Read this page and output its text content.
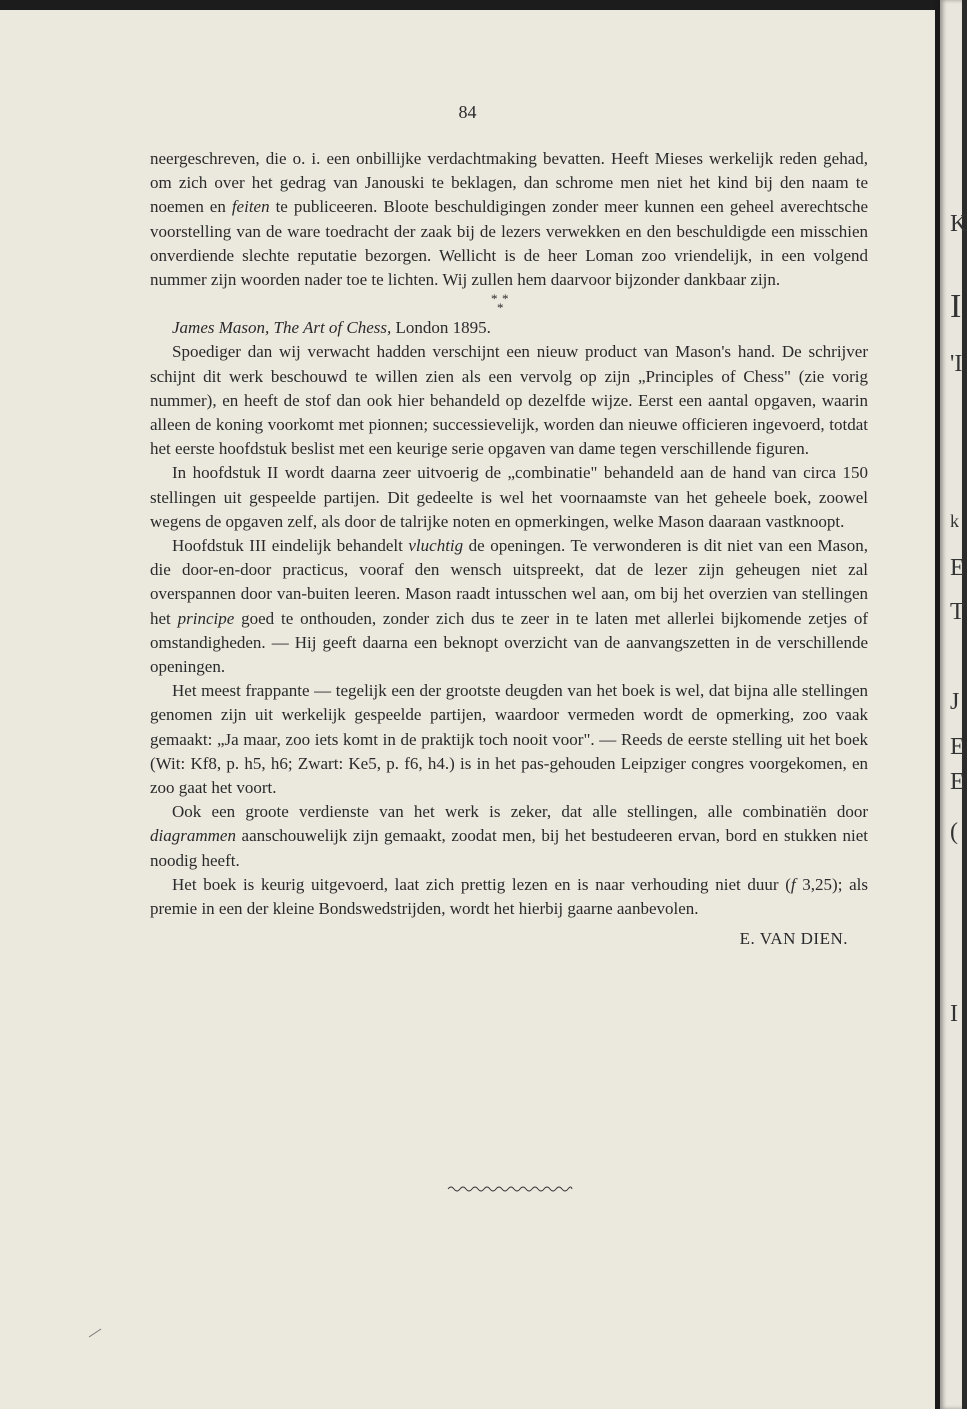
K
I
'I
k
E
T
J
E
E
(
I
84

neergeschreven, die o. i. een onbillijke verdachtmaking bevatten. Heeft Mieses werkelijk reden gehad, om zich over het gedrag van Janouski te beklagen, dan schrome men niet het kind bij den naam te noemen en feiten te publiceeren. Bloote beschuldigingen zonder meer kunnen een geheel averechtsche voorstelling van de ware toedracht der zaak bij de lezers verwekken en den beschuldigde een misschien onverdiende slechte reputatie bezorgen. Wellicht is de heer Loman zoo vriendelijk, in een volgend nummer zijn woorden nader toe te lichten. Wij zullen hem daarvoor bijzonder dankbaar zijn.

* *
*

James Mason, The Art of Chess, London 1895.

Spoediger dan wij verwacht hadden verschijnt een nieuw product van Mason's hand. De schrijver schijnt dit werk beschouwd te willen zien als een vervolg op zijn „Principles of Chess" (zie vorig nummer), en heeft de stof dan ook hier behandeld op dezelfde wijze. Eerst een aantal opgaven, waarin alleen de koning voorkomt met pionnen; successievelijk, worden dan nieuwe officieren ingevoerd, totdat het eerste hoofdstuk beslist met een keurige serie opgaven van dame tegen verschillende figuren.

In hoofdstuk II wordt daarna zeer uitvoerig de „combinatie" behandeld aan de hand van circa 150 stellingen uit gespeelde partijen. Dit gedeelte is wel het voornaamste van het geheele boek, zoowel wegens de opgaven zelf, als door de talrijke noten en opmerkingen, welke Mason daaraan vastknoopt.

Hoofdstuk III eindelijk behandelt vluchtig de openingen. Te verwonderen is dit niet van een Mason, die door-en-door practicus, vooraf den wensch uitspreekt, dat de lezer zijn geheugen niet zal overspannen door van-buiten leeren. Mason raadt intusschen wel aan, om bij het overzien van stellingen het principe goed te onthouden, zonder zich dus te zeer in te laten met allerlei bijkomende zetjes of omstandigheden. — Hij geeft daarna een beknopt overzicht van de aanvangszetten in de verschillende openingen.

Het meest frappante — tegelijk een der grootste deugden van het boek is wel, dat bijna alle stellingen genomen zijn uit werkelijk gespeelde partijen, waardoor vermeden wordt de opmerking, zoo vaak gemaakt: „Ja maar, zoo iets komt in de praktijk toch nooit voor". — Reeds de eerste stelling uit het boek (Wit: Kf8, p. h5, h6; Zwart: Ke5, p. f6, h4.) is in het pas-gehouden Leipziger congres voorgekomen, en zoo gaat het voort.

Ook een groote verdienste van het werk is zeker, dat alle stellingen, alle combinatiën door diagrammen aanschouwelijk zijn gemaakt, zoodat men, bij het bestudeeren ervan, bord en stukken niet noodig heeft.

Het boek is keurig uitgevoerd, laat zich prettig lezen en is naar verhouding niet duur (f 3,25); als premie in een der kleine Bondswedstrijden, wordt het hierbij gaarne aanbevolen.

E. VAN DIEN.
